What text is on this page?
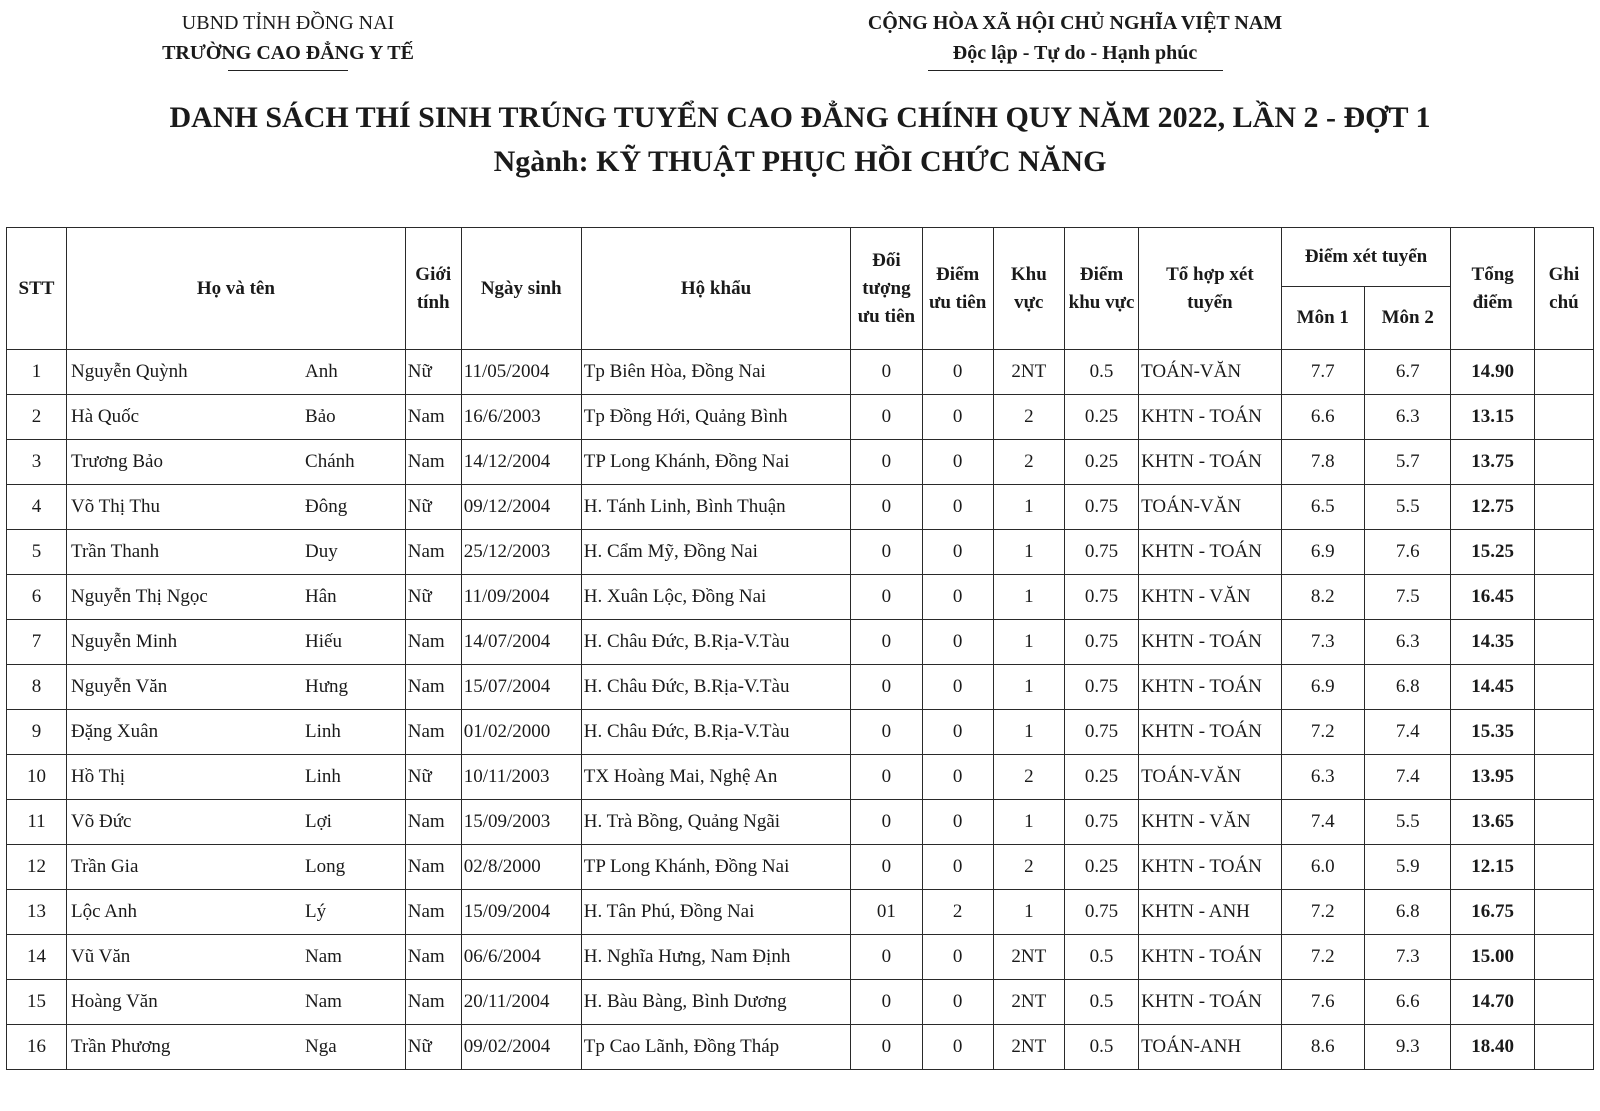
UBND TỈNH ĐỒNG NAI
TRƯỜNG CAO ĐẲNG Y TẾ
CỘNG HÒA XÃ HỘI CHỦ NGHĨA VIỆT NAM
Độc lập - Tự do - Hạnh phúc
DANH SÁCH THÍ SINH TRÚNG TUYỂN CAO ĐẲNG CHÍNH QUY NĂM 2022, LẦN 2 - ĐỢT 1
Ngành: KỸ THUẬT PHỤC HỒI CHỨC NĂNG
STT	Họ và tên	Giới tính	Ngày sinh	Hộ khẩu	Đối tượng ưu tiên	Điểm ưu tiên	Khu vực	Điểm khu vực	Tổ hợp xét tuyển	Điểm xét tuyển		Tổng điểm	Ghi chú
										Môn 1	Môn 2		
1	Nguyễn Quỳnh Anh	Nữ	11/05/2004	Tp Biên Hòa, Đồng Nai	0	0	2NT	0.5	TOÁN-VĂN	7.7	6.7	14.90	
2	Hà Quốc Bảo	Nam	16/6/2003	Tp Đồng Hới, Quảng Bình	0	0	2	0.25	KHTN - TOÁN	6.6	6.3	13.15	
3	Trương Bảo Chánh	Nam	14/12/2004	TP Long Khánh, Đồng Nai	0	0	2	0.25	KHTN - TOÁN	7.8	5.7	13.75	
4	Võ Thị Thu Đông	Nữ	09/12/2004	H. Tánh Linh, Bình Thuận	0	0	1	0.75	TOÁN-VĂN	6.5	5.5	12.75	
5	Trần Thanh Duy	Nam	25/12/2003	H. Cẩm Mỹ, Đồng Nai	0	0	1	0.75	KHTN - TOÁN	6.9	7.6	15.25	
6	Nguyễn Thị Ngọc Hân	Nữ	11/09/2004	H. Xuân Lộc, Đồng Nai	0	0	1	0.75	KHTN - VĂN	8.2	7.5	16.45	
7	Nguyễn Minh Hiếu	Nam	14/07/2004	H. Châu Đức, B.Rịa-V.Tàu	0	0	1	0.75	KHTN - TOÁN	7.3	6.3	14.35	
8	Nguyễn Văn Hưng	Nam	15/07/2004	H. Châu Đức, B.Rịa-V.Tàu	0	0	1	0.75	KHTN - TOÁN	6.9	6.8	14.45	
9	Đặng Xuân Linh	Nam	01/02/2000	H. Châu Đức, B.Rịa-V.Tàu	0	0	1	0.75	KHTN - TOÁN	7.2	7.4	15.35	
10	Hồ Thị Linh	Nữ	10/11/2003	TX Hoàng Mai, Nghệ An	0	0	2	0.25	TOÁN-VĂN	6.3	7.4	13.95	
11	Võ Đức Lợi	Nam	15/09/2003	H. Trà Bồng, Quảng Ngãi	0	0	1	0.75	KHTN - VĂN	7.4	5.5	13.65	
12	Trần Gia Long	Nam	02/8/2000	TP Long Khánh, Đồng Nai	0	0	2	0.25	KHTN - TOÁN	6.0	5.9	12.15	
13	Lộc Anh Lý	Nam	15/09/2004	H. Tân Phú, Đồng Nai	01	2	1	0.75	KHTN - ANH	7.2	6.8	16.75	
14	Vũ Văn Nam	Nam	06/6/2004	H. Nghĩa Hưng, Nam Định	0	0	2NT	0.5	KHTN - TOÁN	7.2	7.3	15.00	
15	Hoàng Văn Nam	Nam	20/11/2004	H. Bàu Bàng, Bình Dương	0	0	2NT	0.5	KHTN - TOÁN	7.6	6.6	14.70	
16	Trần Phương Nga	Nữ	09/02/2004	Tp Cao Lãnh, Đồng Tháp	0	0	2NT	0.5	TOÁN-ANH	8.6	9.3	18.40	
